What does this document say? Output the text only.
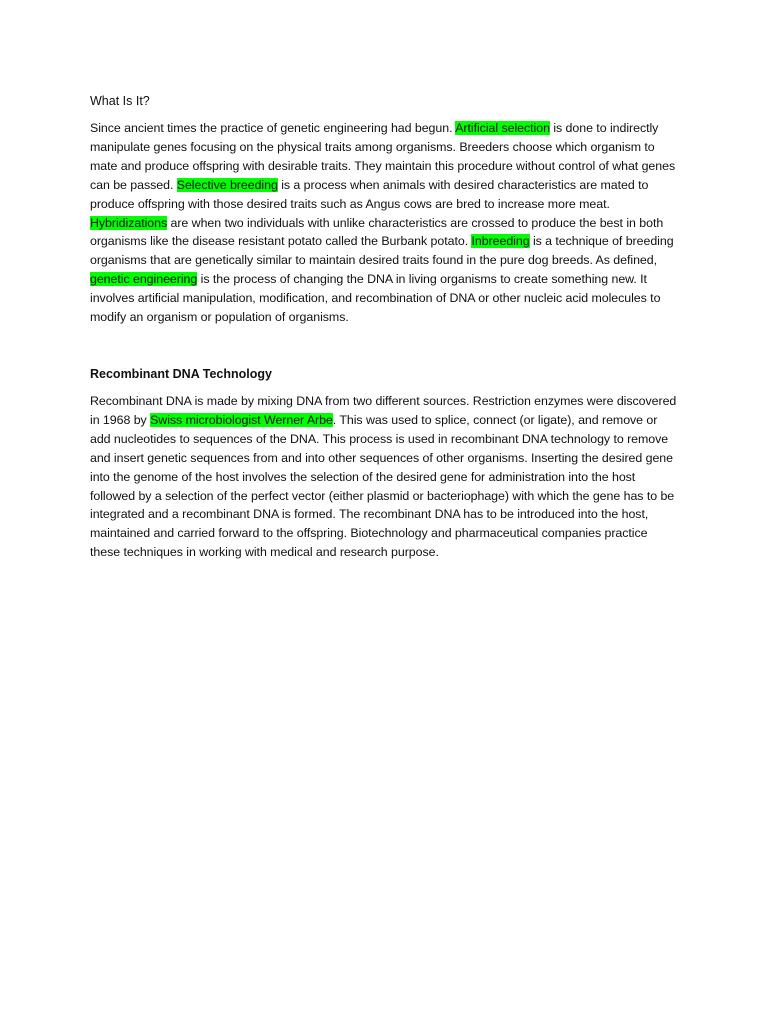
What Is It?

Since ancient times the practice of genetic engineering had begun. Artificial selection is done to indirectly manipulate genes focusing on the physical traits among organisms. Breeders choose which organism to mate and produce offspring with desirable traits. They maintain this procedure without control of what genes can be passed. Selective breeding is a process when animals with desired characteristics are mated to produce offspring with those desired traits such as Angus cows are bred to increase more meat. Hybridizations are when two individuals with unlike characteristics are crossed to produce the best in both organisms like the disease resistant potato called the Burbank potato. Inbreeding is a technique of breeding organisms that are genetically similar to maintain desired traits found in the pure dog breeds. As defined, genetic engineering is the process of changing the DNA in living organisms to create something new. It involves artificial manipulation, modification, and recombination of DNA or other nucleic acid molecules to modify an organism or population of organisms.

Recombinant DNA Technology

Recombinant DNA is made by mixing DNA from two different sources. Restriction enzymes were discovered in 1968 by Swiss microbiologist Werner Arbe. This was used to splice, connect (or ligate), and remove or add nucleotides to sequences of the DNA. This process is used in recombinant DNA technology to remove and insert genetic sequences from and into other sequences of other organisms. Inserting the desired gene into the genome of the host involves the selection of the desired gene for administration into the host followed by a selection of the perfect vector (either plasmid or bacteriophage) with which the gene has to be integrated and a recombinant DNA is formed. The recombinant DNA has to be introduced into the host, maintained and carried forward to the offspring. Biotechnology and pharmaceutical companies practice these techniques in working with medical and research purpose.
